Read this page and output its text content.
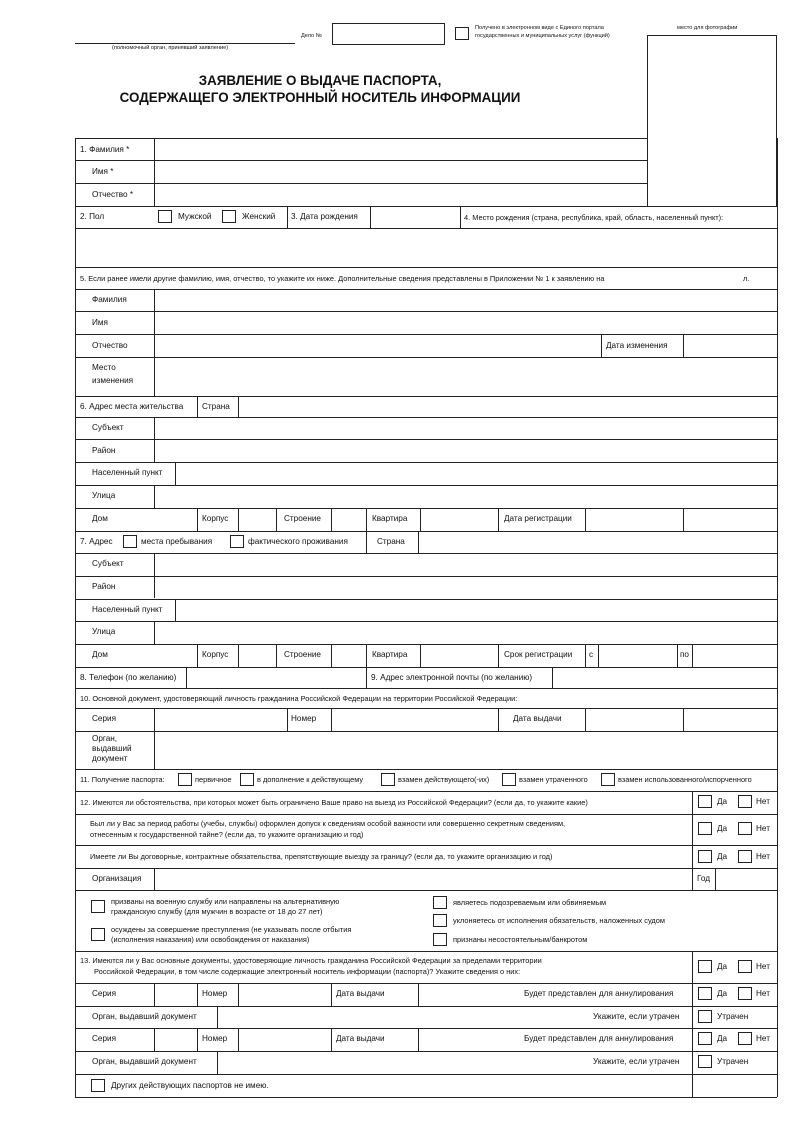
(полномочный орган, принявший заявление)
Дело №
Получено в электронном виде с Единого портала
государственных и муниципальных услуг (функций)
место для фотографии
ЗАЯВЛЕНИЕ О ВЫДАЧЕ ПАСПОРТА,
СОДЕРЖАЩЕГО ЭЛЕКТРОННЫЙ НОСИТЕЛЬ ИНФОРМАЦИИ
1. Фамилия *
Имя *
Отчество *
2. Пол	Мужской	Женский 3. Дата рождения	4. Место рождения (страна, республика, край, область, населенный пункт):
5. Если ранее имели другие фамилию, имя, отчество, то укажите их ниже. Дополнительные сведения представлены в Приложении № 1 к заявлению на	л.
Фамилия
Имя
Отчество	Дата изменения
Место
изменения
6. Адрес места жительства Страна
Субъект
Район
Населенный пункт
Улица
Дом	Корпус	Строение	Квартира	Дата регистрации
7. Адрес	места пребывания	фактического проживания	Страна
Субъект
Район
Населенный пункт
Улица
Дом	Корпус	Строение	Квартира	Срок регистрации с	по
8. Телефон (по желанию)	9. Адрес электронной почты (по желанию)
10. Основной документ, удостоверяющий личность гражданина Российской Федерации на территории Российской Федерации:
Серия	Номер	Дата выдачи
Орган,
выдавший
документ
11. Получение паспорта:	первичное	в дополнение к действующему	взамен действующего(-их)	взамен утраченного	взамен использованного/испорченного
12. Имеются ли обстоятельства, при которых может быть ограничено Ваше право на выезд из Российской Федерации? (если да, то укажите какие)	Да	Нет
Был ли у Вас за период работы (учебы, службы) оформлен допуск к сведениям особой важности или совершенно секретным сведениям,
отнесенным к государственной тайне? (если да, то укажите организацию и год)
Да	Нет
Имеете ли Вы договорные, контрактные обязательства, препятствующие выезду за границу? (если да, то укажите организацию и год)	Да	Нет
Организация	Год
призваны на военную службу или направлены на альтернативную
гражданскую службу (для мужчин в возрасте от 18 до 27 лет)
осуждены за совершение преступления (не указывать после отбытия
(исполнения наказания) или освобождения от наказания)
являетесь подозреваемым или обвиняемым
уклоняетесь от исполнения обязательств, наложенных судом
признаны несостоятельным/банкротом
13. Имеются ли у Вас основные документы, удостоверяющие личность гражданина Российской Федерации за пределами территории
Российской Федерации, в том числе содержащие электронный носитель информации (паспорта)? Укажите сведения о них:
Да	Нет
Серия	Номер	Дата выдачи	Будет представлен для аннулирования	Да	Нет
Орган, выдавший документ	Укажите, если утрачен	Утрачен
Серия	Номер	Дата выдачи	Будет представлен для аннулирования	Да	Нет
Орган, выдавший документ	Укажите, если утрачен	Утрачен
Других действующих паспортов не имею.
